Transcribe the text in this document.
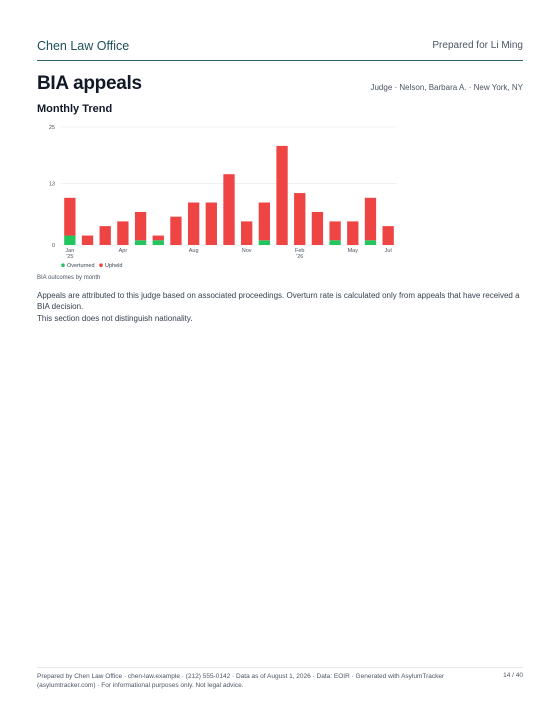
Chen Law Office	Prepared for Li Ming
BIA appeals	Judge · Nelson, Barbara A. · New York, NY
Monthly Trend
0
13
25
Jan
'25
Apr	Aug	Nov	Feb
'26
May	Jul
Overturned Upheld
BIA outcomes by month

Appeals are attributed to this judge based on associated proceedings. Overturn rate is calculated only from appeals that have received a BIA decision.

This section does not distinguish nationality.

Prepared by Chen Law Office · chen-law.example · (212) 555-0142 · Data as of August 1, 2026 · Data: EOIR · Generated with AsylumTracker (asylumtracker.com) · For informational purposes only. Not legal advice.
14 / 40
